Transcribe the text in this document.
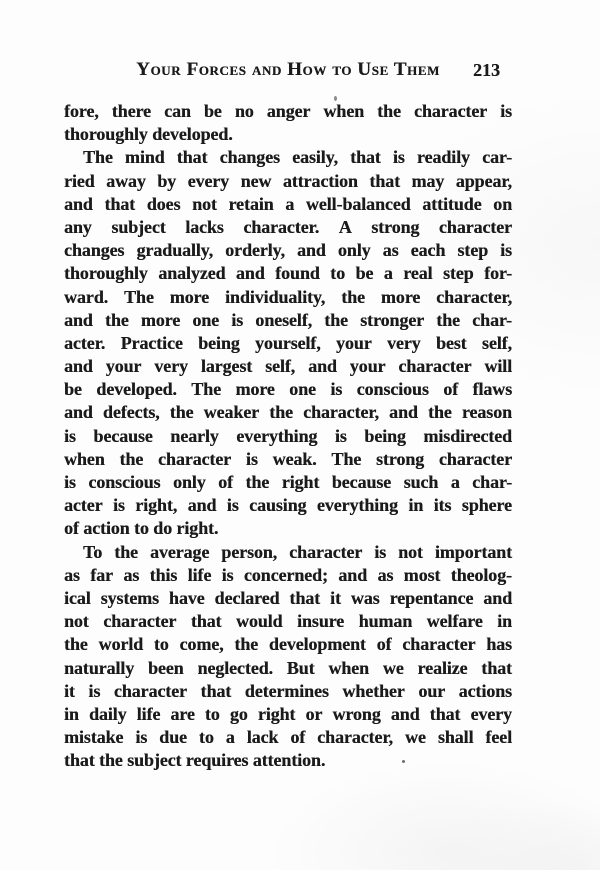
Your Forces and How to Use Them	213
fore, there can be no anger when the character is
thoroughly developed.
The mind that changes easily, that is readily car-
ried away by every new attraction that may appear,
and that does not retain a well-balanced attitude on
any subject lacks character. A strong character
changes gradually, orderly, and only as each step is
thoroughly analyzed and found to be a real step for-
ward. The more individuality, the more character,
and the more one is oneself, the stronger the char-
acter. Practice being yourself, your very best self,
and your very largest self, and your character will
be developed. The more one is conscious of flaws
and defects, the weaker the character, and the reason
is because nearly everything is being misdirected
when the character is weak. The strong character
is conscious only of the right because such a char-
acter is right, and is causing everything in its sphere
of action to do right.
To the average person, character is not important
as far as this life is concerned; and as most theolog-
ical systems have declared that it was repentance and
not character that would insure human welfare in
the world to come, the development of character has
naturally been neglected. But when we realize that
it is character that determines whether our actions
in daily life are to go right or wrong and that every
mistake is due to a lack of character, we shall feel
that the subject requires attention.
